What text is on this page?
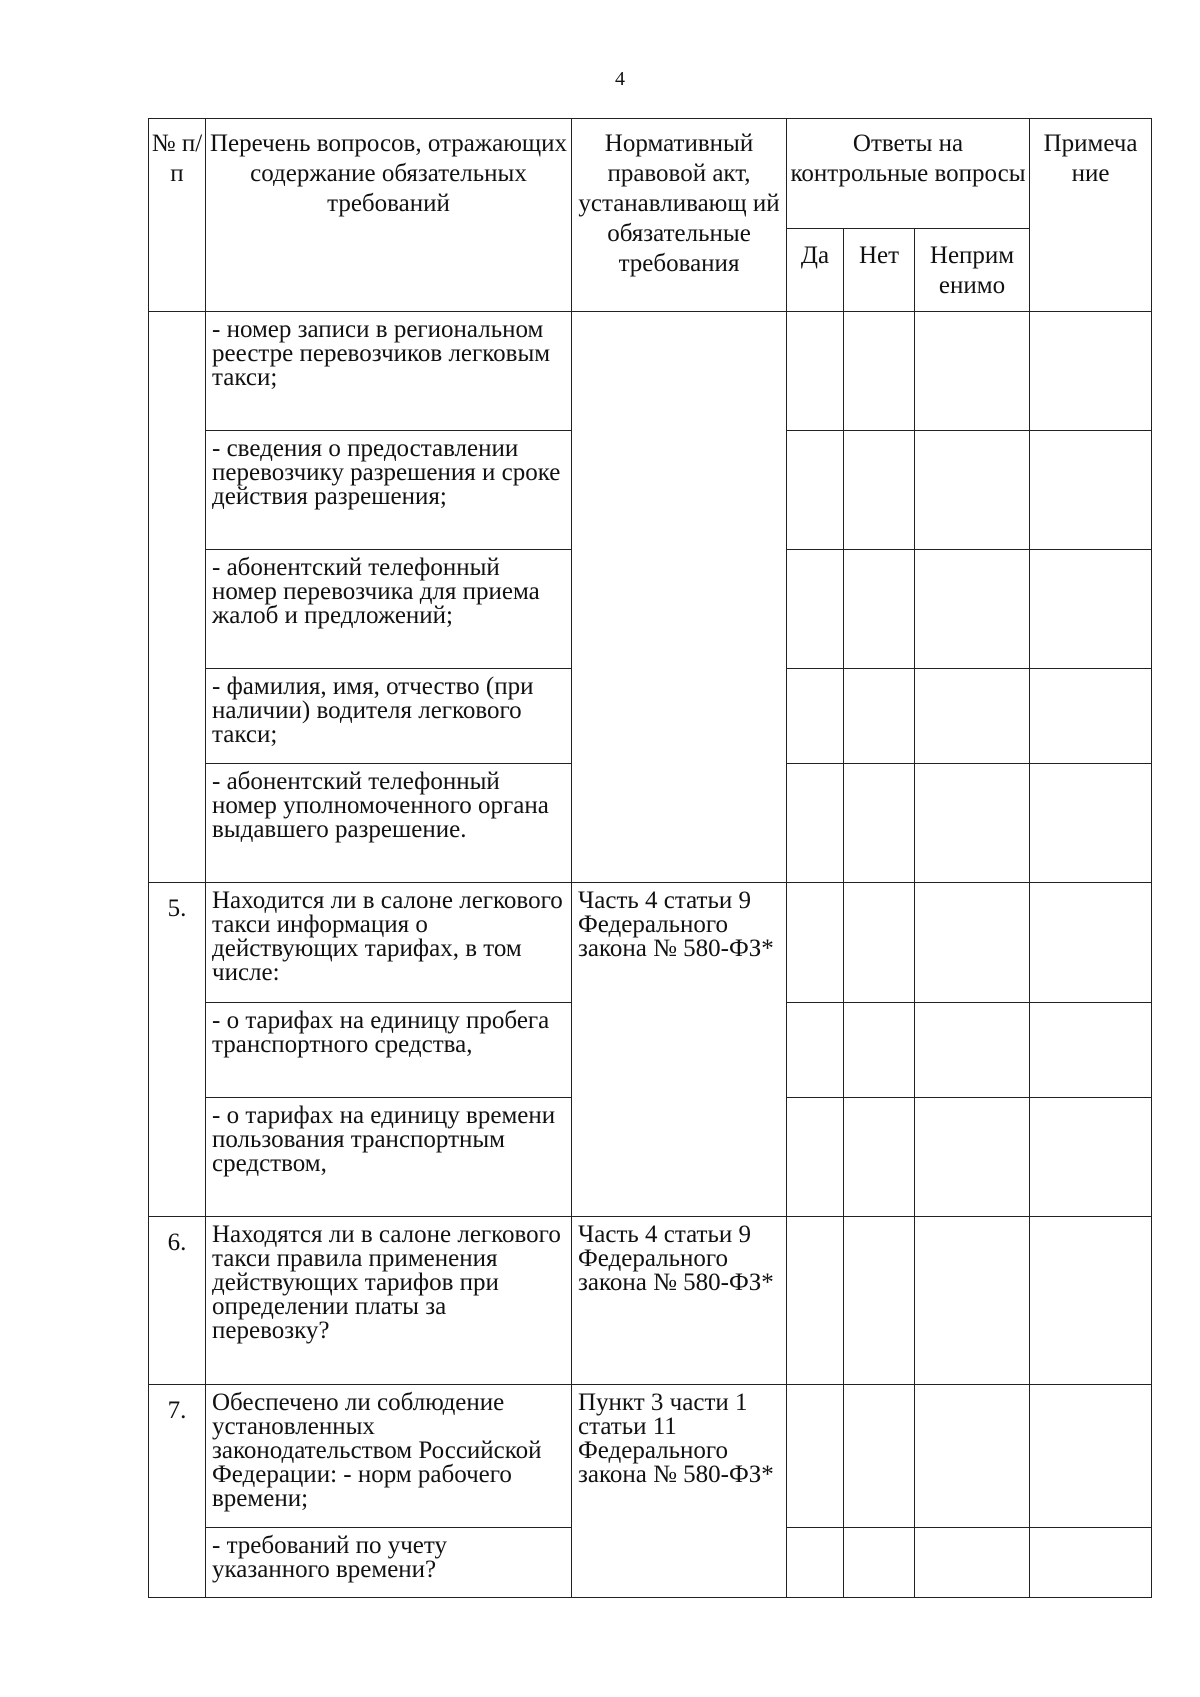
4
№ п/п	Перечень вопросов, отражающих содержание обязательных требований	Нормативный правовой акт, устанавливающ ий обязательные требования	Ответы на контрольные вопросы			Примеча ние
			Да	Нет	Неприм енимо	
	- номер записи в региональном реестре перевозчиков легковым такси;					
	- сведения о предоставлении перевозчику разрешения и сроке действия разрешения;					
	- абонентский телефонный номер перевозчика для приема жалоб и предложений;					
	- фамилия, имя, отчество (при наличии) водителя легкового такси;					
	- абонентский телефонный номер уполномоченного органа выдавшего разрешение.					
5.	Находится ли в салоне легкового такси информация о действующих тарифах, в том числе:	Часть 4 статьи 9 Федерального закона № 580-ФЗ*				
	- о тарифах на единицу пробега транспортного средства,					
	- о тарифах на единицу времени пользования транспортным средством,					
6.	Находятся ли в салоне легкового такси правила применения действующих тарифов при определении платы за перевозку?	Часть 4 статьи 9 Федерального закона № 580-ФЗ*				
7.	Обеспечено ли соблюдение установленных законодательством Российской Федерации: - норм рабочего времени;	Пункт 3 части 1 статьи 11 Федерального закона № 580-ФЗ*				
	- требований по учету указанного времени?					
